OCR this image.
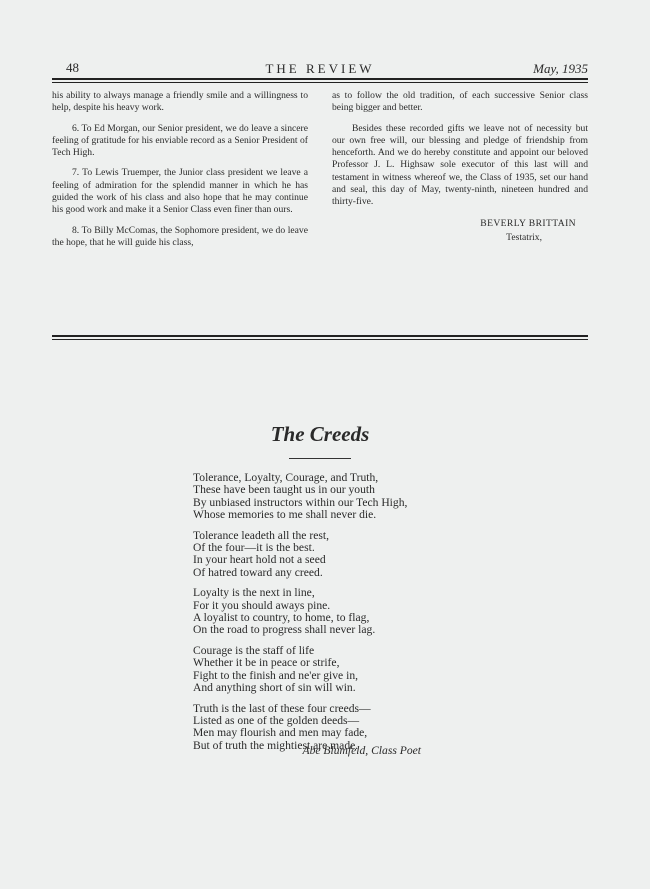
48	THE REVIEW	May, 1935

his ability to always manage a friendly smile and a willingness to help, despite his heavy work.

6. To Ed Morgan, our Senior president, we do leave a sincere feeling of gratitude for his enviable record as a Senior President of Tech High.

7. To Lewis Truemper, the Junior class president we leave a feeling of admiration for the splendid manner in which he has guided the work of his class and also hope that he may continue his good work and make it a Senior Class even finer than ours.

8. To Billy McComas, the Sophomore president, we do leave the hope, that he will guide his class,

as to follow the old tradition, of each successive Senior class being bigger and better.

Besides these recorded gifts we leave not of necessity but our own free will, our blessing and pledge of friendship from henceforth. And we do hereby constitute and appoint our beloved Professor J. L. Highsaw sole executor of this last will and testament in witness whereof we, the Class of 1935, set our hand and seal, this day of May, twenty-ninth, nineteen hundred and thirty-five.

BEVERLY BRITTAIN
Testatrix,
The Creeds
Tolerance, Loyalty, Courage, and Truth,
These have been taught us in our youth
By unbiased instructors within our Tech High,
Whose memories to me shall never die.
Tolerance leadeth all the rest,
Of the four—it is the best.
In your heart hold not a seed
Of hatred toward any creed.
Loyalty is the next in line,
For it you should aways pine.
A loyalist to country, to home, to flag,
On the road to progress shall never lag.
Courage is the staff of life
Whether it be in peace or strife,
Fight to the finish and ne'er give in,
And anything short of sin will win.
Truth is the last of these four creeds—
Listed as one of the golden deeds—
Men may flourish and men may fade,
But of truth the mightiest are made.
Abe Blumfeld, Class Poet
